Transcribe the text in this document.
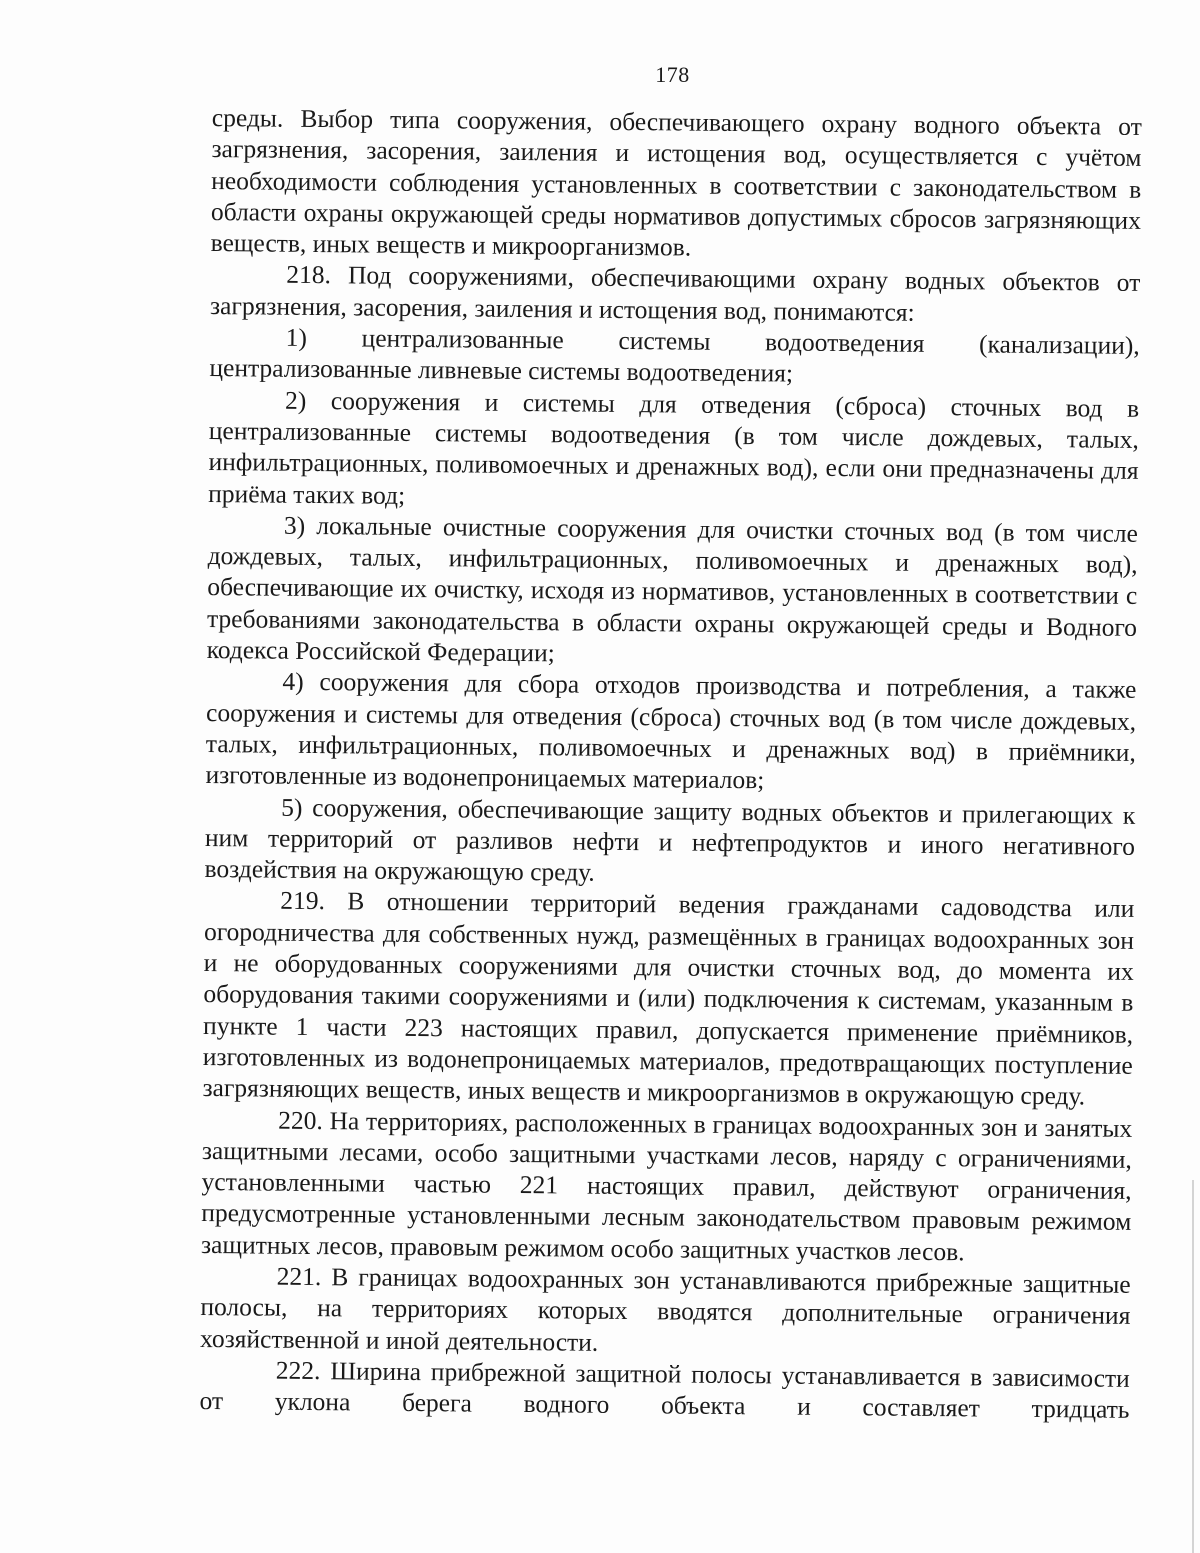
178

среды. Выбор типа сооружения, обеспечивающего охрану водного объекта от загрязнения, засорения, заиления и истощения вод, осуществляется с учётом необходимости соблюдения установленных в соответствии с законодательством в области охраны окружающей среды нормативов допустимых сбросов загрязняющих веществ, иных веществ и микроорганизмов.

218. Под сооружениями, обеспечивающими охрану водных объектов от загрязнения, засорения, заиления и истощения вод, понимаются:

1) централизованные системы водоотведения (канализации), централизованные ливневые системы водоотведения;

2) сооружения и системы для отведения (сброса) сточных вод в централизованные системы водоотведения (в том числе дождевых, талых, инфильтрационных, поливомоечных и дренажных вод), если они предназначены для приёма таких вод;

3) локальные очистные сооружения для очистки сточных вод (в том числе дождевых, талых, инфильтрационных, поливомоечных и дренажных вод), обеспечивающие их очистку, исходя из нормативов, установленных в соответствии с требованиями законодательства в области охраны окружающей среды и Водного кодекса Российской Федерации;

4) сооружения для сбора отходов производства и потребления, а также сооружения и системы для отведения (сброса) сточных вод (в том числе дождевых, талых, инфильтрационных, поливомоечных и дренажных вод) в приёмники, изготовленные из водонепроницаемых материалов;

5) сооружения, обеспечивающие защиту водных объектов и прилегающих к ним территорий от разливов нефти и нефтепродуктов и иного негативного воздействия на окружающую среду.

219. В отношении территорий ведения гражданами садоводства или огородничества для собственных нужд, размещённых в границах водоохранных зон и не оборудованных сооружениями для очистки сточных вод, до момента их оборудования такими сооружениями и (или) подключения к системам, указанным в пункте 1 части 223 настоящих правил, допускается применение приёмников, изготовленных из водонепроницаемых материалов, предотвращающих поступление загрязняющих веществ, иных веществ и микроорганизмов в окружающую среду.

220. На территориях, расположенных в границах водоохранных зон и занятых защитными лесами, особо защитными участками лесов, наряду с ограничениями, установленными частью 221 настоящих правил, действуют ограничения, предусмотренные установленными лесным законодательством правовым режимом защитных лесов, правовым режимом особо защитных участков лесов.

221. В границах водоохранных зон устанавливаются прибрежные защитные полосы, на территориях которых вводятся дополнительные ограничения хозяйственной и иной деятельности.

222. Ширина прибрежной защитной полосы устанавливается в зависимости от уклона берега водного объекта и составляет тридцать
